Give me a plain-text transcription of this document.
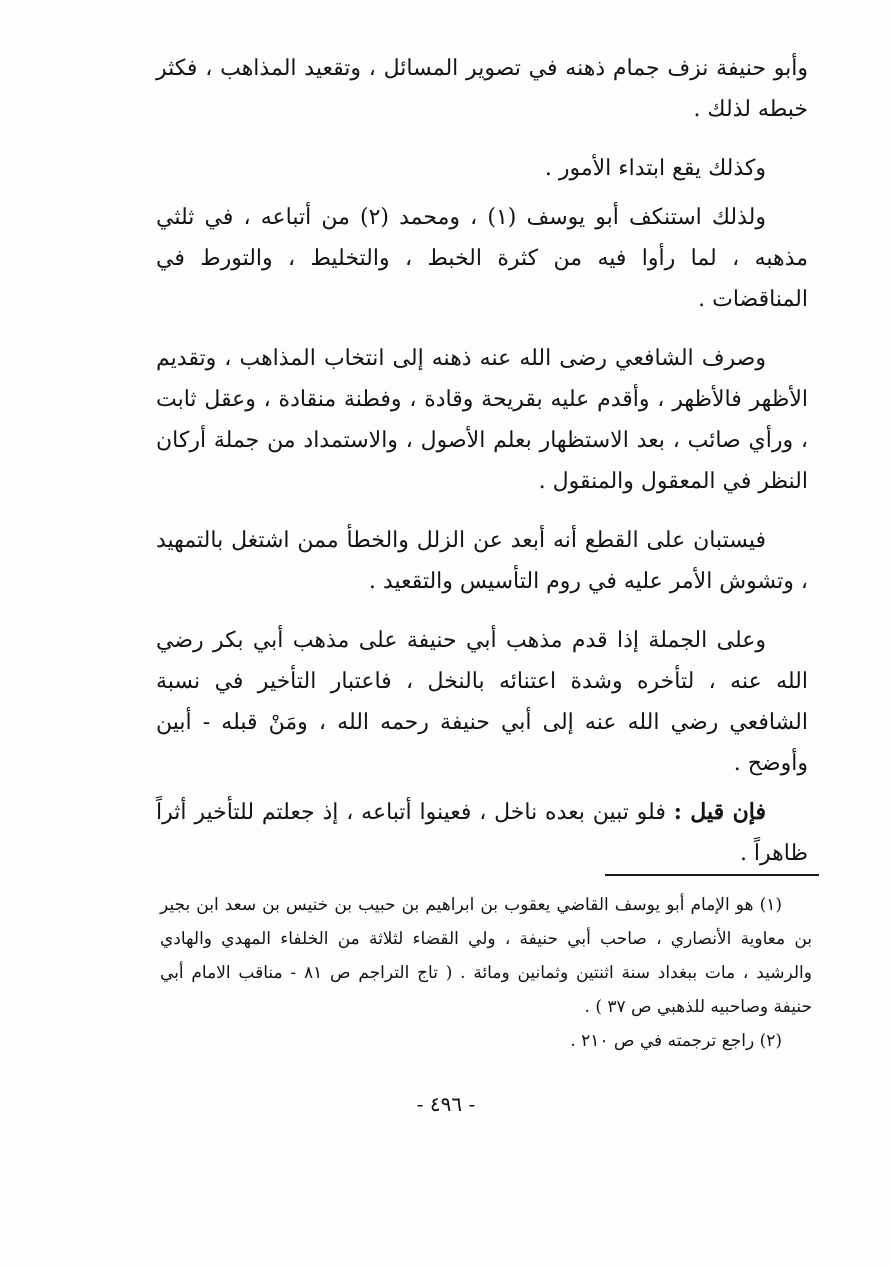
وأبو حنيفة نزف جمام ذهنه في تصوير المسائل ، وتقعيد المذاهب ، فكثر خبطه لذلك .

وكذلك يقع ابتداء الأمور .

ولذلك استنكف أبو يوسف (١) ، ومحمد (٢) من أتباعه ، في ثلثي مذهبه ، لما رأوا فيه من كثرة الخبط ، والتخليط ، والتورط في المناقضات .

وصرف الشافعي رضى الله عنه ذهنه إلى انتخاب المذاهب ، وتقديم الأظهر فالأظهر ، وأقدم عليه بقريحة وقادة ، وفطنة منقادة ، وعقل ثابت ، ورأي صائب ، بعد الاستظهار بعلم الأصول ، والاستمداد من جملة أركان النظر في المعقول والمنقول .

فيستبان على القطع أنه أبعد عن الزلل والخطأ ممن اشتغل بالتمهيد ، وتشوش الأمر عليه في روم التأسيس والتقعيد .

وعلى الجملة إذا قدم مذهب أبي حنيفة على مذهب أبي بكر رضي الله عنه ، لتأخره وشدة اعتنائه بالنخل ، فاعتبار التأخير في نسبة الشافعي رضي الله عنه إلى أبي حنيفة رحمه الله ، ومَنْ قبله - أبين وأوضح .

فإن قيل : فلو تبين بعده ناخل ، فعينوا أتباعه ، إذ جعلتم للتأخير أثراً ظاهراً .

(١) هو الإمام أبو يوسف القاضي يعقوب بن ابراهيم بن حبيب بن خنيس بن سعد ابن بجير بن معاوية الأنصاري ، صاحب أبي حنيفة ، ولي القضاء لثلاثة من الخلفاء المهدي والهادي والرشيد ، مات ببغداد سنة اثنتين وثمانين ومائة . ( تاج التراجم ص ٨١ - مناقب الامام أبي حنيفة وصاحبيه للذهبي ص ٣٧ ) .

(٢) راجع ترجمته في ص ٢١٠ .

- ٤٩٦ -
